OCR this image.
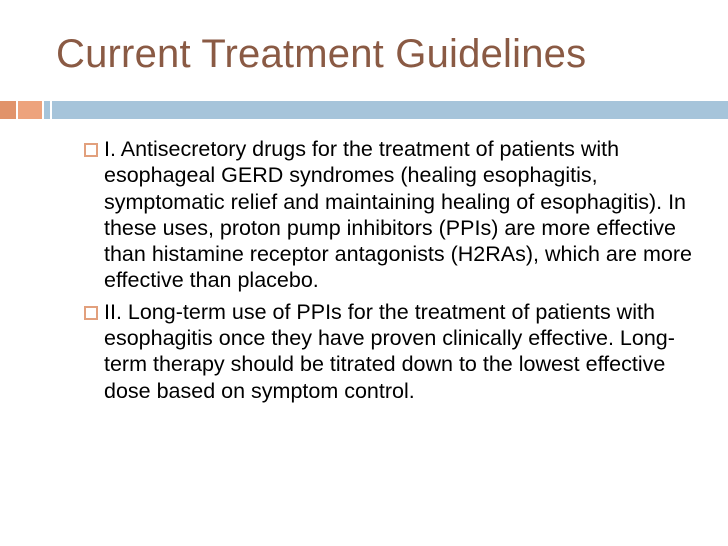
Current Treatment Guidelines

I. Antisecretory drugs for the treatment of patients with esophageal GERD syndromes (healing esophagitis, symptomatic relief and maintaining healing of esophagitis). In these uses, proton pump inhibitors (PPIs) are more effective than histamine receptor antagonists (H2RAs), which are more effective than placebo.

II. Long-term use of PPIs for the treatment of patients with esophagitis once they have proven clinically effective. Long-term therapy should be titrated down to the lowest effective dose based on symptom control.
